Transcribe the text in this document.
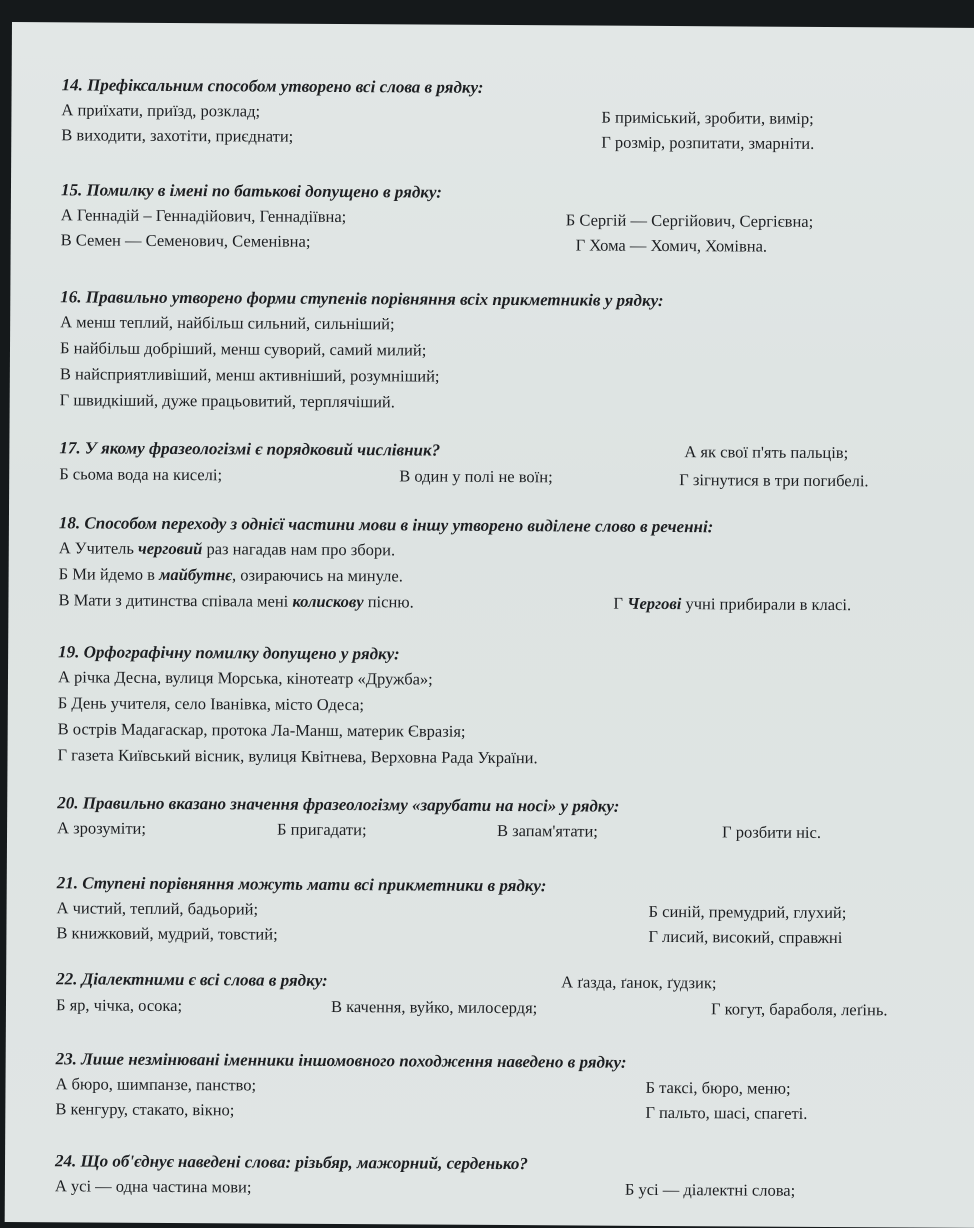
14. Префіксальним способом утворено всі слова в рядку:
А приїхати, приїзд, розклад;	Б приміський, зробити, вимір;
В виходити, захотіти, приєднати;	Г розмір, розпитати, змарніти.
15. Помилку в імені по батькові допущено в рядку:
А Геннадій – Геннадійович, Геннадіївна;	Б Сергій — Сергійович, Сергієвна;
В Семен — Семенович, Семенівна;	Г Хома — Хомич, Хомівна.
16. Правильно утворено форми ступенів порівняння всіх прикметників у рядку:
А менш теплий, найбільш сильний, сильніший;
Б найбільш добріший, менш суворий, самий милий;
В найсприятливіший, менш активніший, розумніший;
Г швидкіший, дуже працьовитий, терплячіший.
17. У якому фразеологізмі є порядковий числівник?	А як свої п'ять пальців;
Б сьома вода на киселі;	В один у полі не воїн;	Г зігнутися в три погибелі.
18. Способом переходу з однієї частини мови в іншу утворено виділене слово в реченні:
А Учитель черговий раз нагадав нам про збори.
Б Ми йдемо в майбутнє, озираючись на минуле.
В Мати з дитинства співала мені колискову пісню.	Г Чергові учні прибирали в класі.
19. Орфографічну помилку допущено у рядку:
А річка Десна, вулиця Морська, кінотеатр «Дружба»;
Б День учителя, село Іванівка, місто Одеса;
В острів Мадагаскар, протока Ла-Манш, материк Євразія;
Г газета Київський вісник, вулиця Квітнева, Верховна Рада України.
20. Правильно вказано значення фразеологізму «зарубати на носі» у рядку:
А зрозуміти;	Б пригадати;	В запам'ятати;	Г розбити ніс.
21. Ступені порівняння можуть мати всі прикметники в рядку:
А чистий, теплий, бадьорий;	Б синій, премудрий, глухий;
В книжковий, мудрий, товстий;	Г лисий, високий, справжні
22. Діалектними є всі слова в рядку:	А ґазда, ґанок, ґудзик;
Б яр, чічка, осока;	В качення, вуйко, милосердя;	Г когут, бараболя, леґінь.
23. Лише незмінювані іменники іншомовного походження наведено в рядку:
А бюро, шимпанзе, панство;	Б таксі, бюро, меню;
В кенгуру, стакато, вікно;	Г пальто, шасі, спагеті.
24. Що об'єднує наведені слова: різьбяр, мажорний, серденько?
А усі — одна частина мови;	Б усі — діалектні слова;
